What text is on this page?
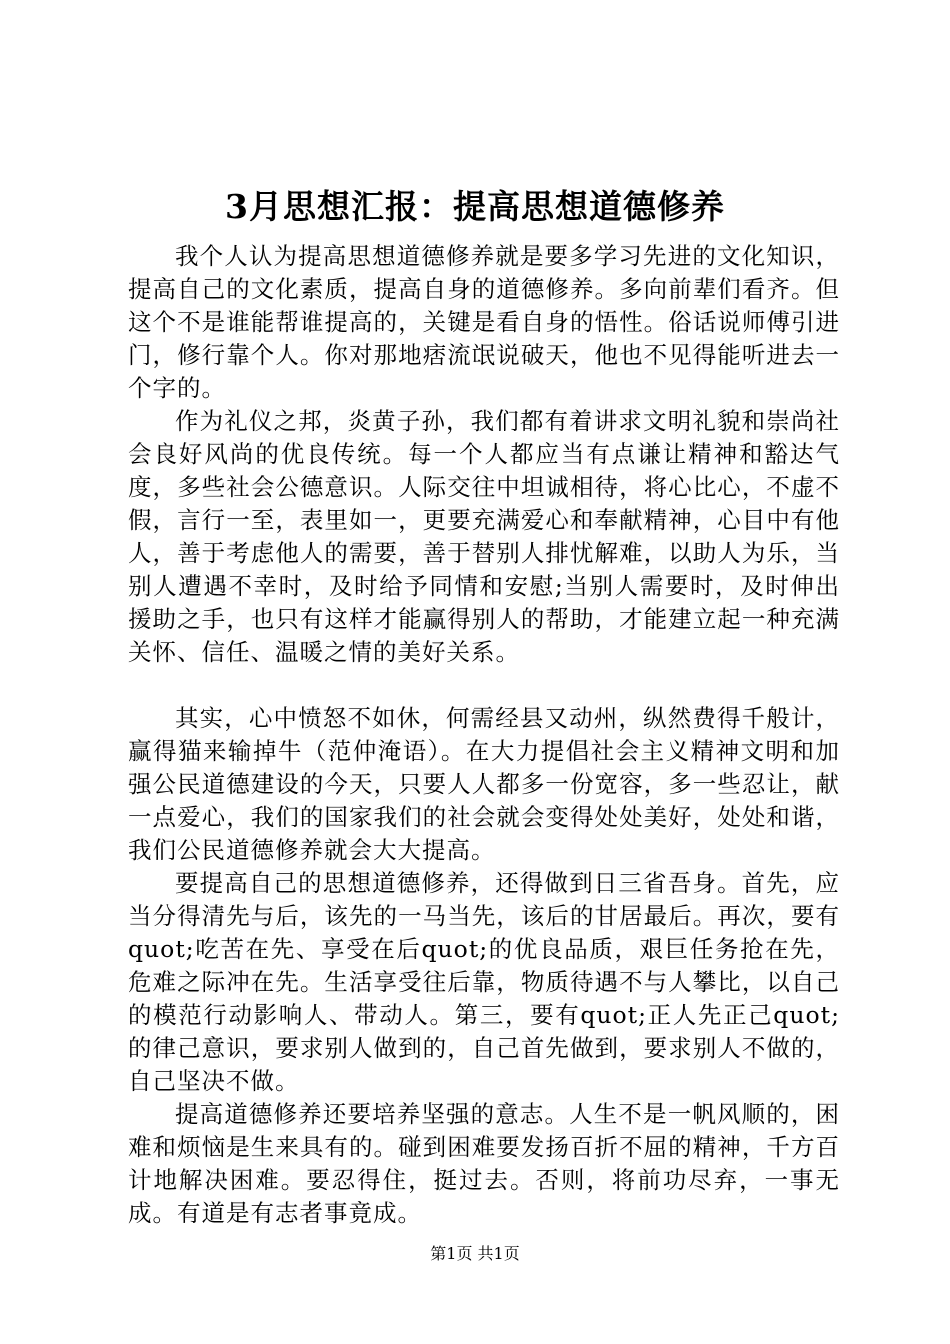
3月思想汇报：提高思想道德修养

我个人认为提高思想道德修养就是要多学习先进的文化知识，提高自己的文化素质，提高自身的道德修养。多向前辈们看齐。但这个不是谁能帮谁提高的，关键是看自身的悟性。俗话说师傅引进门，修行靠个人。你对那地痞流氓说破天，他也不见得能听进去一个字的。

作为礼仪之邦，炎黄子孙，我们都有着讲求文明礼貌和崇尚社会良好风尚的优良传统。每一个人都应当有点谦让精神和豁达气度，多些社会公德意识。人际交往中坦诚相待，将心比心，不虚不假，言行一至，表里如一，更要充满爱心和奉献精神，心目中有他人，善于考虑他人的需要，善于替别人排忧解难，以助人为乐，当别人遭遇不幸时，及时给予同情和安慰;当别人需要时，及时伸出援助之手，也只有这样才能赢得别人的帮助，才能建立起一种充满关怀、信任、温暖之情的美好关系。

其实，心中愤怒不如休，何需经县又动州，纵然费得千般计，赢得猫来输掉牛（范仲淹语）。在大力提倡社会主义精神文明和加强公民道德建设的今天，只要人人都多一份宽容，多一些忍让，献一点爱心，我们的国家我们的社会就会变得处处美好，处处和谐，我们公民道德修养就会大大提高。

要提高自己的思想道德修养，还得做到日三省吾身。首先，应当分得清先与后，该先的一马当先，该后的甘居最后。再次，要有quot;吃苦在先、享受在后quot;的优良品质，艰巨任务抢在先，危难之际冲在先。生活享受往后靠，物质待遇不与人攀比，以自己的模范行动影响人、带动人。第三，要有quot;正人先正己quot;的律己意识，要求别人做到的，自己首先做到，要求别人不做的，自己坚决不做。

提高道德修养还要培养坚强的意志。人生不是一帆风顺的，困难和烦恼是生来具有的。碰到困难要发扬百折不屈的精神，千方百计地解决困难。要忍得住，挺过去。否则，将前功尽弃，一事无成。有道是有志者事竟成。

第1页 共1页
